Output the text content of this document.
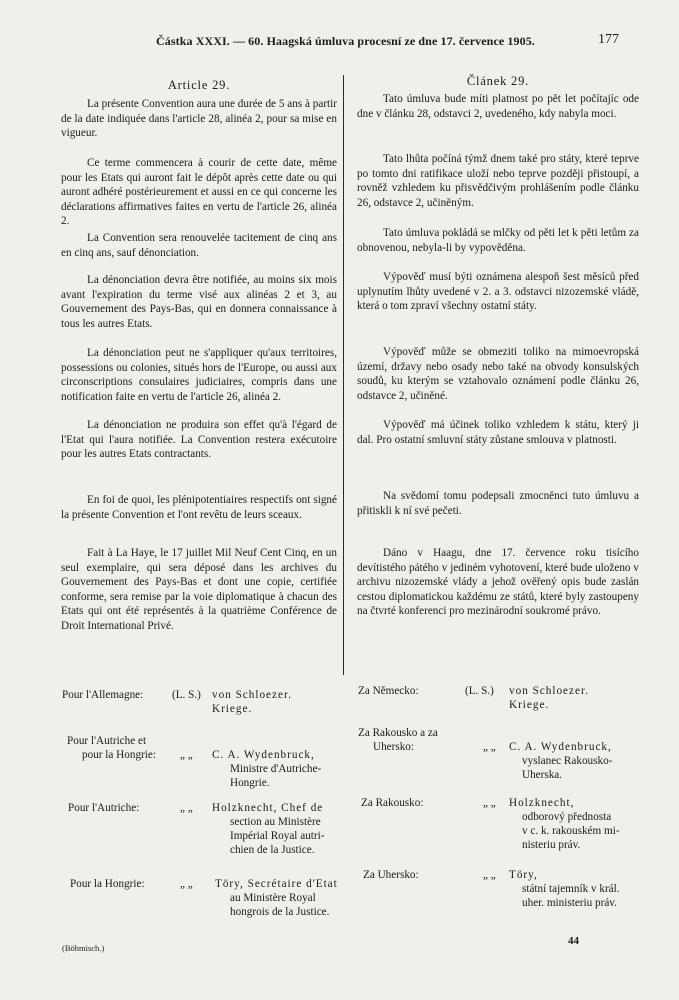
Částka XXXI. — 60. Haagská úmluva procesní ze dne 17. července 1905.	177

Article 29.

La présente Convention aura une durée de 5 ans à partir de la date indiquée dans l'article 28, alinéa 2, pour sa mise en vigueur.

Ce terme commencera à courir de cette date, même pour les Etats qui auront fait le dépôt après cette date ou qui auront adhéré postérieurement et aussi en ce qui concerne les déclarations affirmatives faites en vertu de l'article 26, alinéa 2.

La Convention sera renouvelée tacitement de cinq ans en cinq ans, sauf dénonciation.

La dénonciation devra être notifiée, au moins six mois avant l'expiration du terme visé aux alinéas 2 et 3, au Gouvernement des Pays-Bas, qui en donnera connaissance à tous les autres Etats.

La dénonciation peut ne s'appliquer qu'aux territoires, possessions ou colonies, situés hors de l'Europe, ou aussi aux circonscriptions consulaires judiciaires, compris dans une notification faite en vertu de l'article 26, alinéa 2.

La dénonciation ne produira son effet qu'à l'égard de l'Etat qui l'aura notifiée. La Convention restera exécutoire pour les autres Etats contractants.

En foi de quoi, les plénipotentiaires respectifs ont signé la présente Convention et l'ont revêtu de leurs sceaux.

Fait à La Haye, le 17 juillet Mil Neuf Cent Cinq, en un seul exemplaire, qui sera déposé dans les archives du Gouvernement des Pays-Bas et dont une copie, certifiée conforme, sera remise par la voie diplomatique à chacun des Etats qui ont été représentés à la quatrième Conférence de Droit International Privé.

Článek 29.

Tato úmluva bude míti platnost po pět let počítajíc ode dne v článku 28, odstavci 2, uvedeného, kdy nabyla moci.

Tato lhůta počíná týmž dnem také pro státy, které teprve po tomto dni ratifikace uloží nebo teprve později přistoupí, a rovněž vzhledem ku přisvědčivým prohlášením podle článku 26, odstavce 2, učiněným.

Tato úmluva pokládá se mlčky od pěti let k pěti letům za obnovenou, nebyla-li by vypověděna.

Výpověď musí býti oznámena alespoň šest měsíců před uplynutím lhůty uvedené v 2. a 3. odstavci nizozemské vládě, která o tom zpraví všechny ostatní státy.

Výpověď může se obmeziti toliko na mimoevropská území, državy nebo osady nebo také na obvody konsulských soudů, ku kterým se vztahovalo oznámení podle článku 26, odstavce 2, učiněné.

Výpověď má účinek toliko vzhledem k státu, který ji dal. Pro ostatní smluvní státy zůstane smlouva v platnosti.

Na svědomí tomu podepsali zmocněnci tuto úmluvu a přitiskli k ní své pečeti.

Dáno v Haagu, dne 17. července roku tisícího devítistého pátého v jediném vyhotovení, které bude uloženo v archivu nizozemské vlády a jehož ověřený opis bude zaslán cestou diplomatickou každému ze států, které byly zastoupeny na čtvrté konferenci pro mezinárodní soukromé právo.

Pour l'Allemagne:	(L. S.) von Schloezer.
Kriege.
Pour l'Autriche et
pour la Hongrie: „ „ C. A. Wydenbruck,
Ministre d'Autriche-
Hongrie.
Pour l'Autriche:	„ „ Holzknecht, Chef de
section au Ministère
Impérial Royal autri-
chien de la Justice.
Pour la Hongrie:	„ „ Töry, Secrétaire d'Etat
au Ministère Royal
hongrois de la Justice.
Za Německo:	(L. S.) von Schloezer.
Kriege.
Za Rakousko a za
Uhersko:	„ „ C. A. Wydenbruck,
vyslanec Rakousko-
Uherska.
Za Rakousko:	„ „ Holzknecht,
odborový přednosta
v c. k. rakouském mi-
nisteriu práv.
Za Uhersko:	„ „ Töry,
státní tajemník v král.
uher. ministeriu práv.
(Böhmisch.)
44
